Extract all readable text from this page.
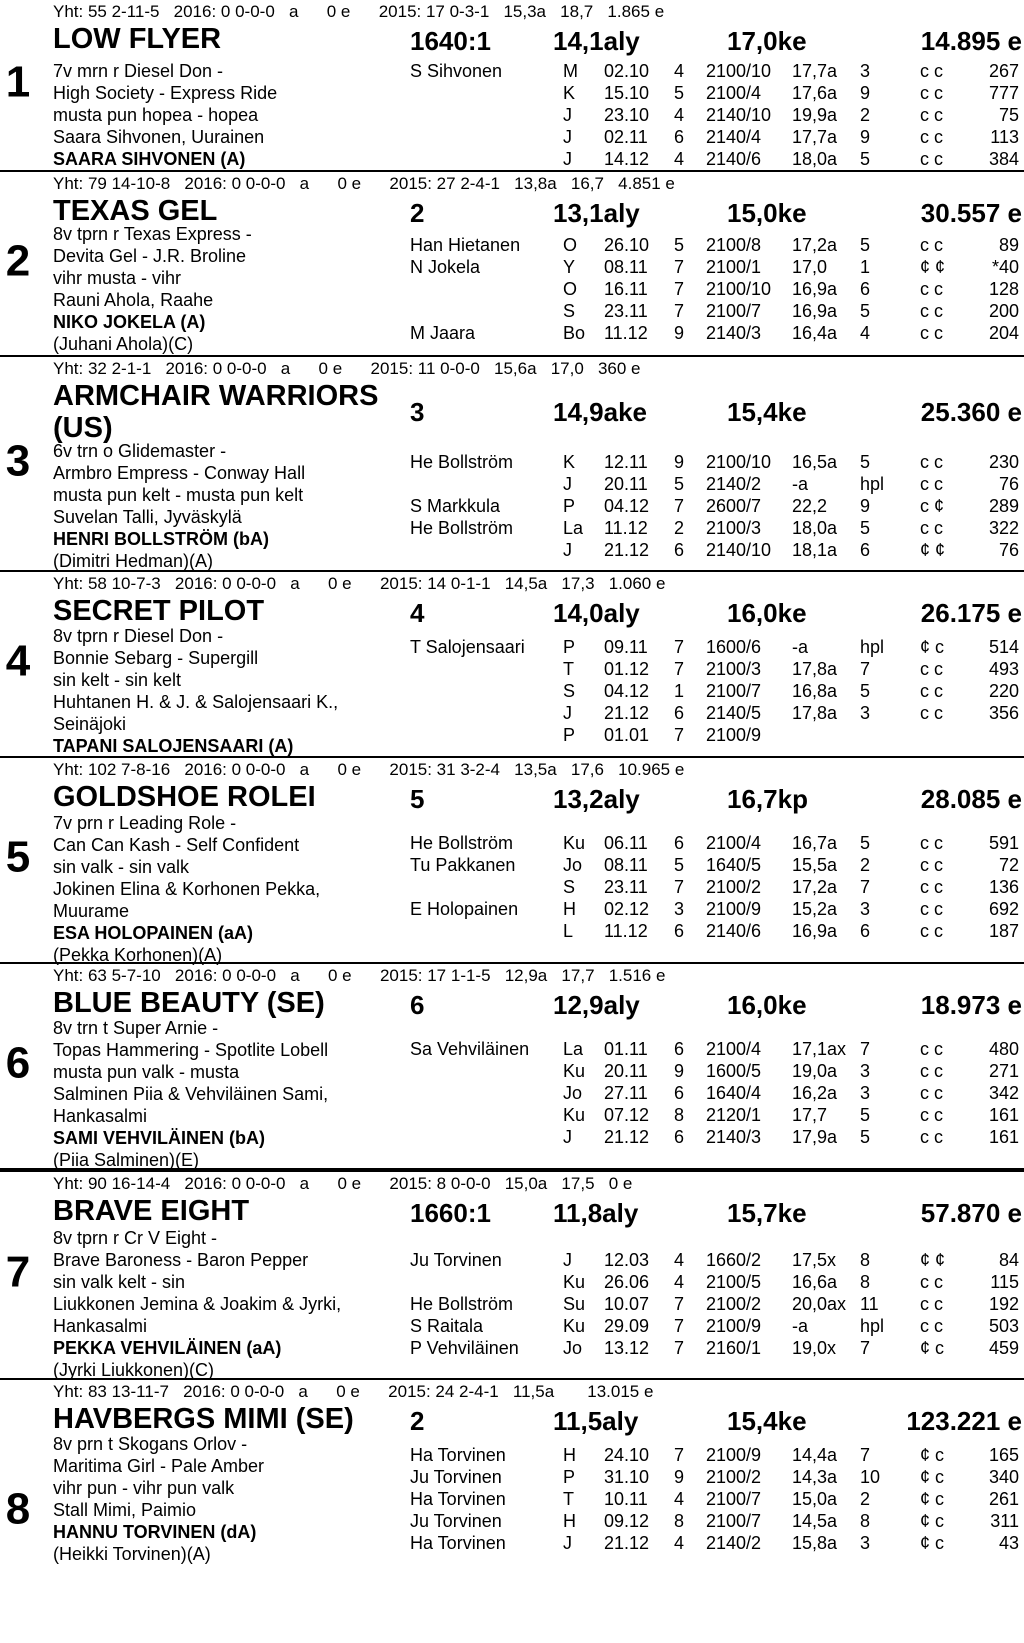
1
Yht: 55 2-11-5   2016: 0 0-0-0   a      0 e      2015: 17 0-3-1   15,3a   18,7   1.865 e
LOW FLYER	1640:1 14,1aly	17,0ke	14.895 e
7v mrn r Diesel Don -
High Society - Express Ride
musta pun hopea - hopea
Saara Sihvonen, Uurainen
SAARA SIHVONEN (A)
S Sihvonen	M 02.10 4 2100/10 17,7a 3	c c	267
K 15.10 5 2100/4 17,6a 9	c c	777
J 23.10 4 2140/10 19,9a 2	c c	75
J 02.11 6 2140/4 17,7a 9	c c	113
J 14.12 4 2140/6 18,0a 5	c c	384
2
Yht: 79 14-10-8   2016: 0 0-0-0   a      0 e      2015: 27 2-4-1   13,8a   16,7   4.851 e
TEXAS GEL	2	13,1aly	15,0ke	30.557 e
8v tprn r Texas Express -
Devita Gel - J.R. Broline
vihr musta - vihr
Rauni Ahola, Raahe
NIKO JOKELA (A)
(Juhani Ahola)(C)
Han Hietanen O 26.10 5 2100/8 17,2a 5	c c	89
N Jokela	Y 08.11 7 2100/1 17,0 1	¢ ¢	*40
O 16.11 7 2100/10 16,9a 6	c c	128
S 23.11 7 2100/7 16,9a 5	c c	200
M Jaara	Bo 11.12 9 2140/3 16,4a 4	c c	204
3
Yht: 32 2-1-1   2016: 0 0-0-0   a      0 e      2015: 11 0-0-0   15,6a   17,0   360 e
ARMCHAIR WARRIORS
(US)	3	14,9ake	15,4ke	25.360 e
6v trn o Glidemaster -
Armbro Empress - Conway Hall
musta pun kelt - musta pun kelt
Suvelan Talli, Jyväskylä
HENRI BOLLSTRÖM (bA)
(Dimitri Hedman)(A)
He Bollström	K 12.11 9 2100/10 16,5a 5	c c	230
J 20.11 5 2140/2 -a	hpl c c	76
S Markkula	P 04.12 7 2600/7 22,2 9	c ¢ 289
He Bollström	La 11.12 2 2100/3 18,0a 5	c c	322
J 21.12 6 2140/10 18,1a 6	¢ ¢	76
4
Yht: 58 10-7-3   2016: 0 0-0-0   a      0 e      2015: 14 0-1-1   14,5a   17,3   1.060 e
SECRET PILOT	4	14,0aly	16,0ke	26.175 e
8v tprn r Diesel Don -
Bonnie Sebarg - Supergill
sin kelt - sin kelt
Huhtanen H. & J. & Salojensaari K.,
Seinäjoki
TAPANI SALOJENSAARI (A)
T Salojensaari P 09.11 7 1600/6 -a	hpl ¢ c 514
T 01.12 7 2100/3 17,8a 7	c c	493
S 04.12 1 2100/7 16,8a 5	c c	220
J 21.12 6 2140/5 17,8a 3	c c	356
P 01.01 7 2100/9
5
Yht: 102 7-8-16   2016: 0 0-0-0   a      0 e      2015: 31 3-2-4   13,5a   17,6   10.965 e
GOLDSHOE ROLEI	5	13,2aly	16,7kp	28.085 e
7v prn r Leading Role -
Can Can Kash - Self Confident
sin valk - sin valk
Jokinen Elina & Korhonen Pekka,
Muurame
ESA HOLOPAINEN (aA)
(Pekka Korhonen)(A)
He Bollström	Ku 06.11 6 2100/4 16,7a 5	c c	591
Tu Pakkanen	Jo 08.11 5 1640/5 15,5a 2	c c	72
S 23.11 7 2100/2 17,2a 7	c c	136
E Holopainen H 02.12 3 2100/9 15,2a 3	c c	692
L 11.12 6 2140/6 16,9a 6	c c	187
6
Yht: 63 5-7-10   2016: 0 0-0-0   a      0 e      2015: 17 1-1-5   12,9a   17,7   1.516 e
BLUE BEAUTY (SE)	6	12,9aly	16,0ke	18.973 e
8v trn t Super Arnie -
Topas Hammering - Spotlite Lobell
musta pun valk - musta
Salminen Piia & Vehviläinen Sami,
Hankasalmi
SAMI VEHVILÄINEN (bA)
(Piia Salminen)(E)
Sa Vehviläinen La 01.11 6 2100/4 17,1ax 7	c c	480
Ku 20.11 9 1600/5 19,0a 3	c c	271
Jo 27.11 6 1640/4 16,2a 3	c c	342
Ku 07.12 8 2120/1 17,7 5	c c	161
J 21.12 6 2140/3 17,9a 5	c c	161
7
Yht: 90 16-14-4   2016: 0 0-0-0   a      0 e      2015: 8 0-0-0   15,0a   17,5   0 e
BRAVE EIGHT	1660:1 11,8aly	15,7ke	57.870 e
8v tprn r Cr V Eight -
Brave Baroness - Baron Pepper
sin valk kelt - sin
Liukkonen Jemina & Joakim & Jyrki,
Hankasalmi
PEKKA VEHVILÄINEN (aA)
(Jyrki Liukkonen)(C)
Ju Torvinen	J 12.03 4 1660/2 17,5x 8	¢ ¢	84
Ku 26.06 4 2100/5 16,6a 8	c c	115
He Bollström	Su 10.07 7 2100/2 20,0ax 11 c c	192
S Raitala	Ku 29.09 7 2100/9 -a	hpl c c	503
P Vehviläinen Jo 13.12 7 2160/1 19,0x 7	¢ c 459
8
Yht: 83 13-11-7   2016: 0 0-0-0   a      0 e      2015: 24 2-4-1   11,5a       13.015 e
HAVBERGS MIMI (SE) 2	11,5aly	15,4ke	123.221 e
8v prn t Skogans Orlov -
Maritima Girl - Pale Amber
vihr pun - vihr pun valk
Stall Mimi, Paimio
HANNU TORVINEN (dA)
(Heikki Torvinen)(A)
Ha Torvinen	H 24.10 7 2100/9 14,4a 7	¢ c 165
Ju Torvinen	P 31.10 9 2100/2 14,3a 10 ¢ c 340
Ha Torvinen	T 10.11 4 2100/7 15,0a 2	¢ c 261
Ju Torvinen	H 09.12 8 2100/7 14,5a 8	¢ c	311
Ha Torvinen	J 21.12 4 2140/2 15,8a 3	¢ c	43
